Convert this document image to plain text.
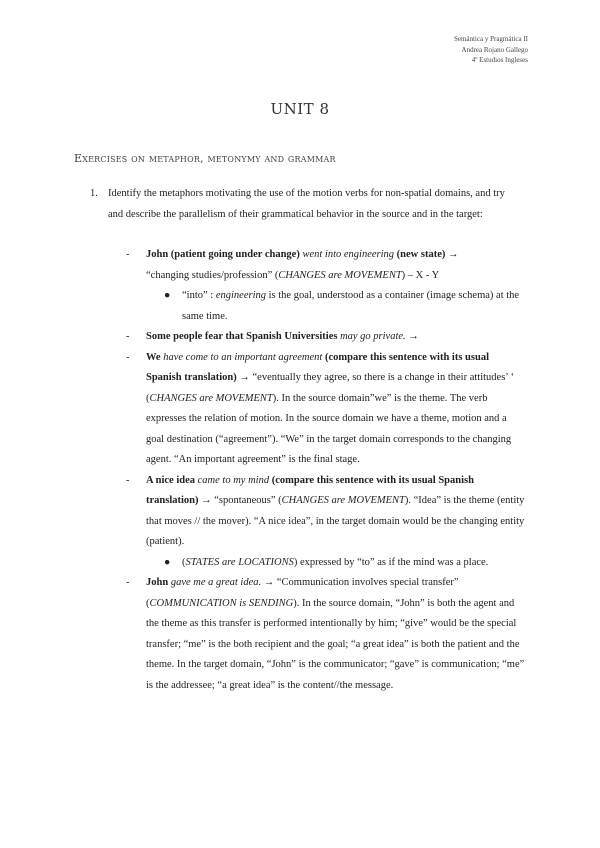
Semántica y Pragmática II
Andrea Rojano Gallego
4º Estudios Ingleses
UNIT 8
Exercises on metaphor, metonymy and grammar
1. Identify the metaphors motivating the use of the motion verbs for non-spatial domains, and try and describe the parallelism of their grammatical behavior in the source and in the target:
- John (patient going under change) went into engineering (new state) →
“changing studies/profession” (CHANGES are MOVEMENT) – X - Y
● “into” : engineering is the goal, understood as a container (image schema) at the same time.
- Some people fear that Spanish Universities may go private. →
- We have come to an important agreement (compare this sentence with its usual Spanish translation) → “eventually they agree, so there is a change in their attitudes’ ‘ (CHANGES are MOVEMENT). In the source domain”we” is the theme. The verb expresses the relation of motion. In the source domain we have a theme, motion and a goal destination (“agreement”). “We” in the target domain corresponds to the changing agent. “An important agreement” is the final stage.
- A nice idea came to my mind (compare this sentence with its usual Spanish translation) → “spontaneous” (CHANGES are MOVEMENT). “Idea” is the theme (entity that moves // the mover). “A nice idea”, in the target domain would be the changing entity (patient).
● (STATES are LOCATIONS) expressed by “to” as if the mind was a place.
- John gave me a great idea. → “Communication involves special transfer” (COMMUNICATION is SENDING). In the source domain, “John” is both the agent and the theme as this transfer is performed intentionally by him; “give” would be the special transfer; “me” is the both recipient and the goal; “a great idea” is both the patient and the theme. In the target domain, “John” is the communicator; “gave” is communication; “me” is the addressee; “a great idea” is the content//the message.
